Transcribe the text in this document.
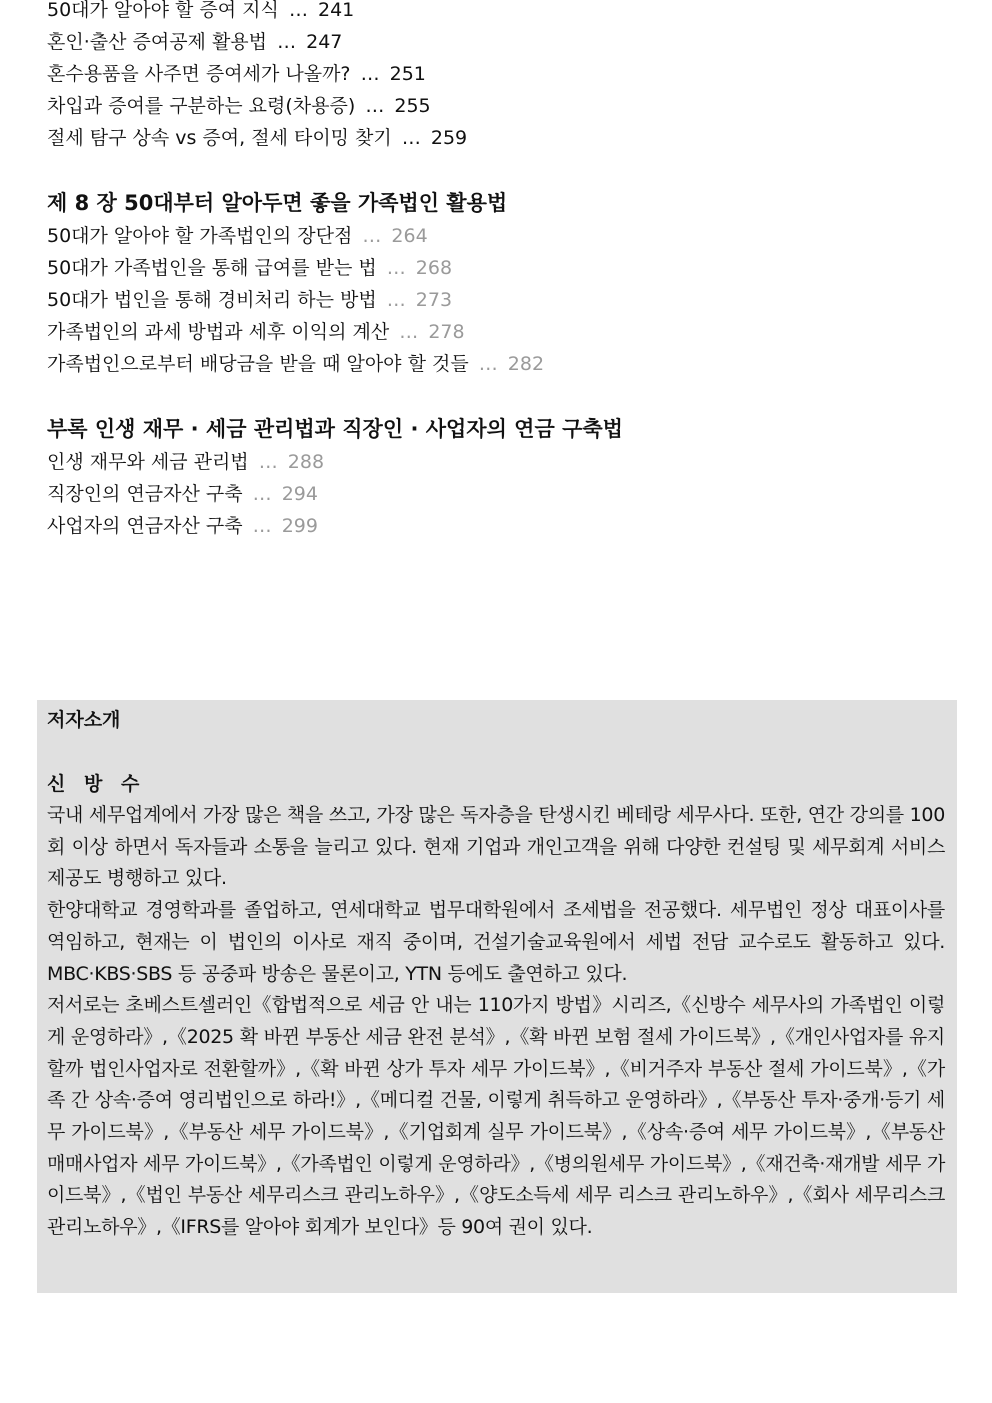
50대가 알아야 할 증여 지식 … 241
혼인·출산 증여공제 활용법 … 247
혼수용품을 사주면 증여세가 나올까? … 251
차입과 증여를 구분하는 요령(차용증) … 255
절세 탐구 상속 vs 증여, 절세 타이밍 찾기 … 259
제 8 장 50대부터 알아두면 좋을 가족법인 활용법
50대가 알아야 할 가족법인의 장단점 … 264
50대가 가족법인을 통해 급여를 받는 법 … 268
50대가 법인을 통해 경비처리 하는 방법 … 273
가족법인의 과세 방법과 세후 이익의 계산 … 278
가족법인으로부터 배당금을 받을 때 알아야 할 것들 … 282
부록 인생 재무 · 세금 관리법과 직장인 · 사업자의 연금 구축법
인생 재무와 세금 관리법 … 288
직장인의 연금자산 구축 … 294
사업자의 연금자산 구축 … 299
저자소개
신 방 수

국내 세무업계에서 가장 많은 책을 쓰고, 가장 많은 독자층을 탄생시킨 베테랑 세무사다. 또한, 연간 강의를 100회 이상 하면서 독자들과 소통을 늘리고 있다. 현재 기업과 개인고객을 위해 다양한 컨설팅 및 세무회계 서비스 제공도 병행하고 있다.

한양대학교 경영학과를 졸업하고, 연세대학교 법무대학원에서 조세법을 전공했다. 세무법인 정상 대표이사를 역임하고, 현재는 이 법인의 이사로 재직 중이며, 건설기술교육원에서 세법 전담 교수로도 활동하고 있다. MBC·KBS·SBS 등 공중파 방송은 물론이고, YTN 등에도 출연하고 있다.

저서로는 초베스트셀러인《합법적으로 세금 안 내는 110가지 방법》시리즈,《신방수 세무사의 가족법인 이렇게 운영하라》,《2025 확 바뀐 부동산 세금 완전 분석》,《확 바뀐 보험 절세 가이드북》,《개인사업자를 유지할까 법인사업자로 전환할까》,《확 바뀐 상가 투자 세무 가이드북》,《비거주자 부동산 절세 가이드북》,《가족 간 상속·증여 영리법인으로 하라!》,《메디컬 건물, 이렇게 취득하고 운영하라》,《부동산 투자·중개·등기 세무 가이드북》,《부동산 세무 가이드북》,《기업회계 실무 가이드북》,《상속·증여 세무 가이드북》,《부동산 매매사업자 세무 가이드북》,《가족법인 이렇게 운영하라》,《병의원세무 가이드북》,《재건축·재개발 세무 가이드북》,《법인 부동산 세무리스크 관리노하우》,《양도소득세 세무 리스크 관리노하우》,《회사 세무리스크 관리노하우》,《IFRS를 알아야 회계가 보인다》등 90여 권이 있다.
